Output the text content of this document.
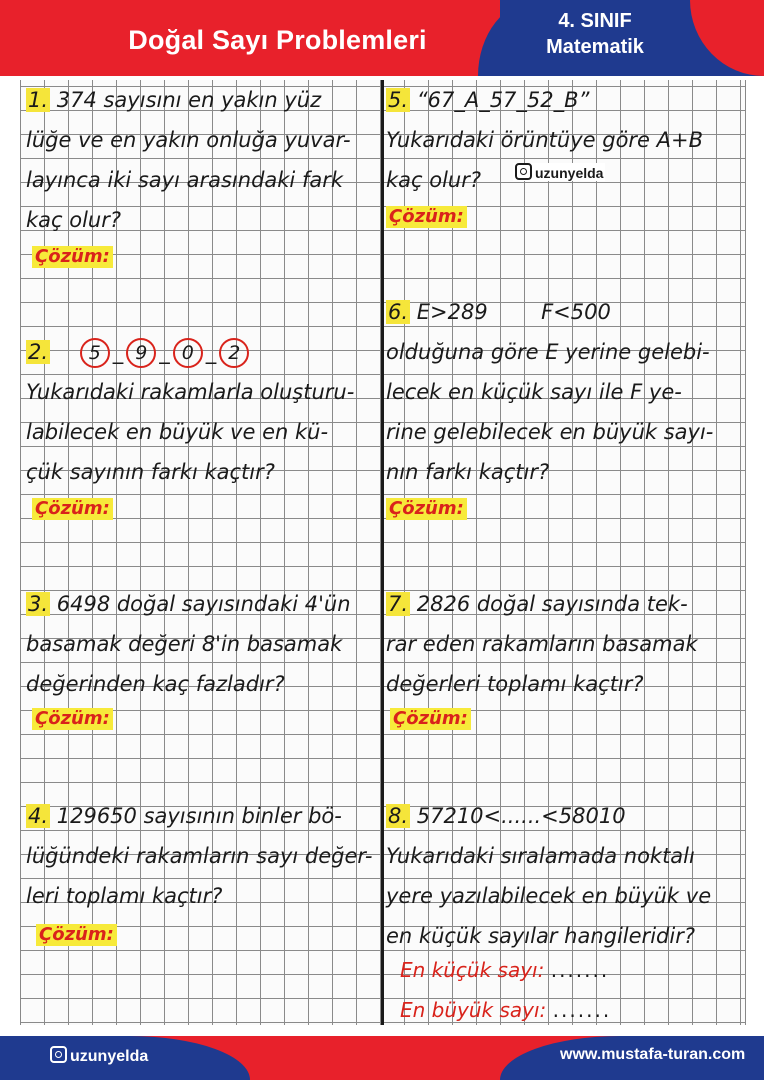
Doğal Sayı Problemleri
4. SINIF
Matematik
1. 374 sayısını en yakın yüz
lüğe ve en yakın onluğa yuvar-
layınca iki sayı arasındaki fark
kaç olur?
Çözüm:
2. 5 _ 9 _ 0 _ 2
Yukarıdaki rakamlarla oluşturu-
labilecek en büyük ve en kü-
çük sayının farkı kaçtır?
Çözüm:
3. 6498 doğal sayısındaki 4'ün
basamak değeri 8'in basamak
değerinden kaç fazladır?
Çözüm:
4. 129650 sayısının binler bö-
lüğündeki rakamların sayı değer-
leri toplamı kaçtır?
Çözüm:
5. “67_A_57_52_B”
Yukarıdaki örüntüye göre A+B
kaç olur?	uzunyelda
Çözüm:
6. E>289        F<500
olduğuna göre E yerine gelebi-
lecek en küçük sayı ile F ye-
rine gelebilecek en büyük sayı-
nın farkı kaçtır?
Çözüm:
7. 2826 doğal sayısında tek-
rar eden rakamların basamak
değerleri toplamı kaçtır?
Çözüm:
8. 57210<......<58010
Yukarıdaki sıralamada noktalı
yere yazılabilecek en büyük ve
en küçük sayılar hangileridir?
En küçük sayı: .......
En büyük sayı: .......
uzunyelda	www.mustafa-turan.com
